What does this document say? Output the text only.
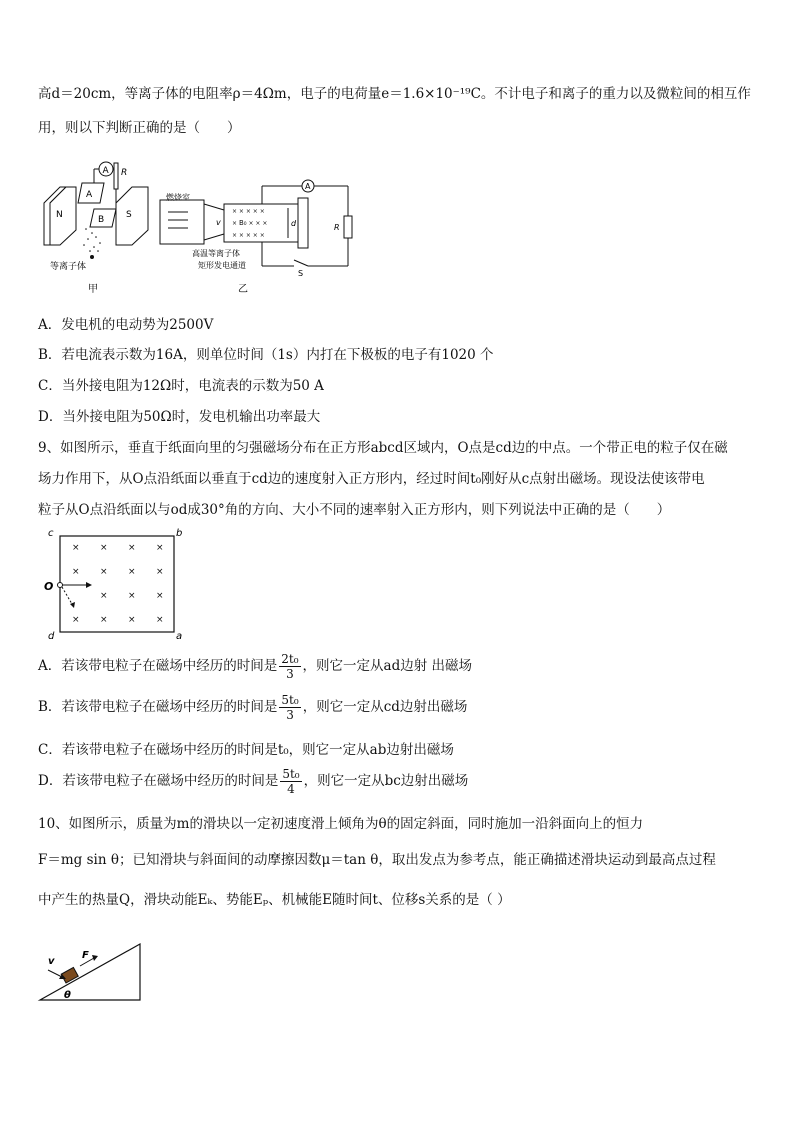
高d＝20cm，等离子体的电阻率ρ＝4Ωm，电子的电荷量e＝1.6×10⁻¹⁹C。不计电子和离子的重力以及微粒间的相互作
用，则以下判断正确的是（　　）
A R
A
B
N	S
等离子体
甲
燃烧室
v
× × × × ×
× B₀ × × ×
× × × × ×
d
A
R
S
高温等离子体
矩形发电通道
乙
A．发电机的电动势为2500V
B．若电流表示数为16A，则单位时间（1s）内打在下极板的电子有1020 个
C．当外接电阻为12Ω时，电流表的示数为50 A
D．当外接电阻为50Ω时，发电机输出功率最大
9、如图所示，垂直于纸面向里的匀强磁场分布在正方形abcd区域内，O点是cd边的中点。一个带正电的粒子仅在磁
场力作用下，从O点沿纸面以垂直于cd边的速度射入正方形内，经过时间t₀刚好从c点射出磁场。现设法使该带电
粒子从O点沿纸面以与od成30°角的方向、大小不同的速率射入正方形内，则下列说法中正确的是（　　）
c	b
d	a
O
× × × ×
× × × ×
× × ×
× × × ×
A．若该带电粒子在磁场中经历的时间是 $\frac{\text{2t₀}}{3}$ ，则它一定从ad边射 出磁场
B．若该带电粒子在磁场中经历的时间是 $\frac{\text{5t₀}}{3}$ ，则它一定从cd边射出磁场
C．若该带电粒子在磁场中经历的时间是t₀，则它一定从ab边射出磁场
D．若该带电粒子在磁场中经历的时间是 $\frac{\text{5t₀}}{4}$ ，则它一定从bc边射出磁场
10、如图所示，质量为m的滑块以一定初速度滑上倾角为θ的固定斜面，同时施加一沿斜面向上的恒力
F＝mg sin θ；已知滑块与斜面间的动摩擦因数μ＝tan θ，取出发点为参考点，能正确描述滑块运动到最高点过程
中产生的热量Q，滑块动能Eₖ、势能Eₚ、机械能E随时间t、位移s关系的是（ ）
v
F
θ
